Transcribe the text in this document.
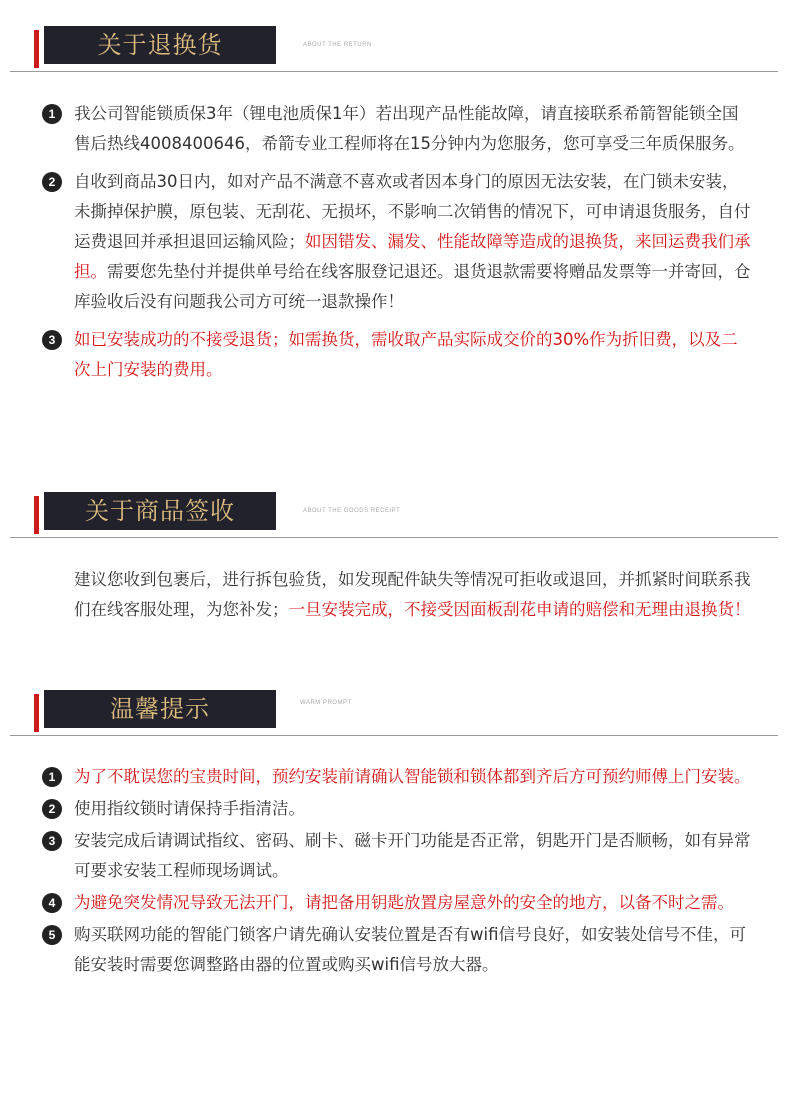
关于退换货	ABOUT THE RETURN
1	我公司智能锁质保3年（锂电池质保1年）若出现产品性能故障，请直接联系希箭智能锁全国售后热线4008400646，希箭专业工程师将在15分钟内为您服务，您可享受三年质保服务。
2	自收到商品30日内，如对产品不满意不喜欢或者因本身门的原因无法安装，在门锁未安装，未撕掉保护膜，原包装、无刮花、无损坏，不影响二次销售的情况下，可申请退货服务，自付运费退回并承担退回运输风险；如因错发、漏发、性能故障等造成的退换货，来回运费我们承担。需要您先垫付并提供单号给在线客服登记退还。退货退款需要将赠品发票等一并寄回，仓库验收后没有问题我公司方可统一退款操作！
3	如已安装成功的不接受退货；如需换货，需收取产品实际成交价的30%作为折旧费，以及二次上门安装的费用。
关于商品签收	ABOUT THE GOODS RECEIPT

建议您收到包裹后，进行拆包验货，如发现配件缺失等情况可拒收或退回，并抓紧时间联系我们在线客服处理，为您补发；一旦安装完成，不接受因面板刮花申请的赔偿和无理由退换货！

温馨提示	WARM PROMPT
1	为了不耽误您的宝贵时间，预约安装前请确认智能锁和锁体都到齐后方可预约师傅上门安装。
2	使用指纹锁时请保持手指清洁。
3	安装完成后请调试指纹、密码、刷卡、磁卡开门功能是否正常，钥匙开门是否顺畅，如有异常可要求安装工程师现场调试。
4	为避免突发情况导致无法开门，请把备用钥匙放置房屋意外的安全的地方，以备不时之需。
5	购买联网功能的智能门锁客户请先确认安装位置是否有wifi信号良好，如安装处信号不佳，可能安装时需要您调整路由器的位置或购买wifi信号放大器。
